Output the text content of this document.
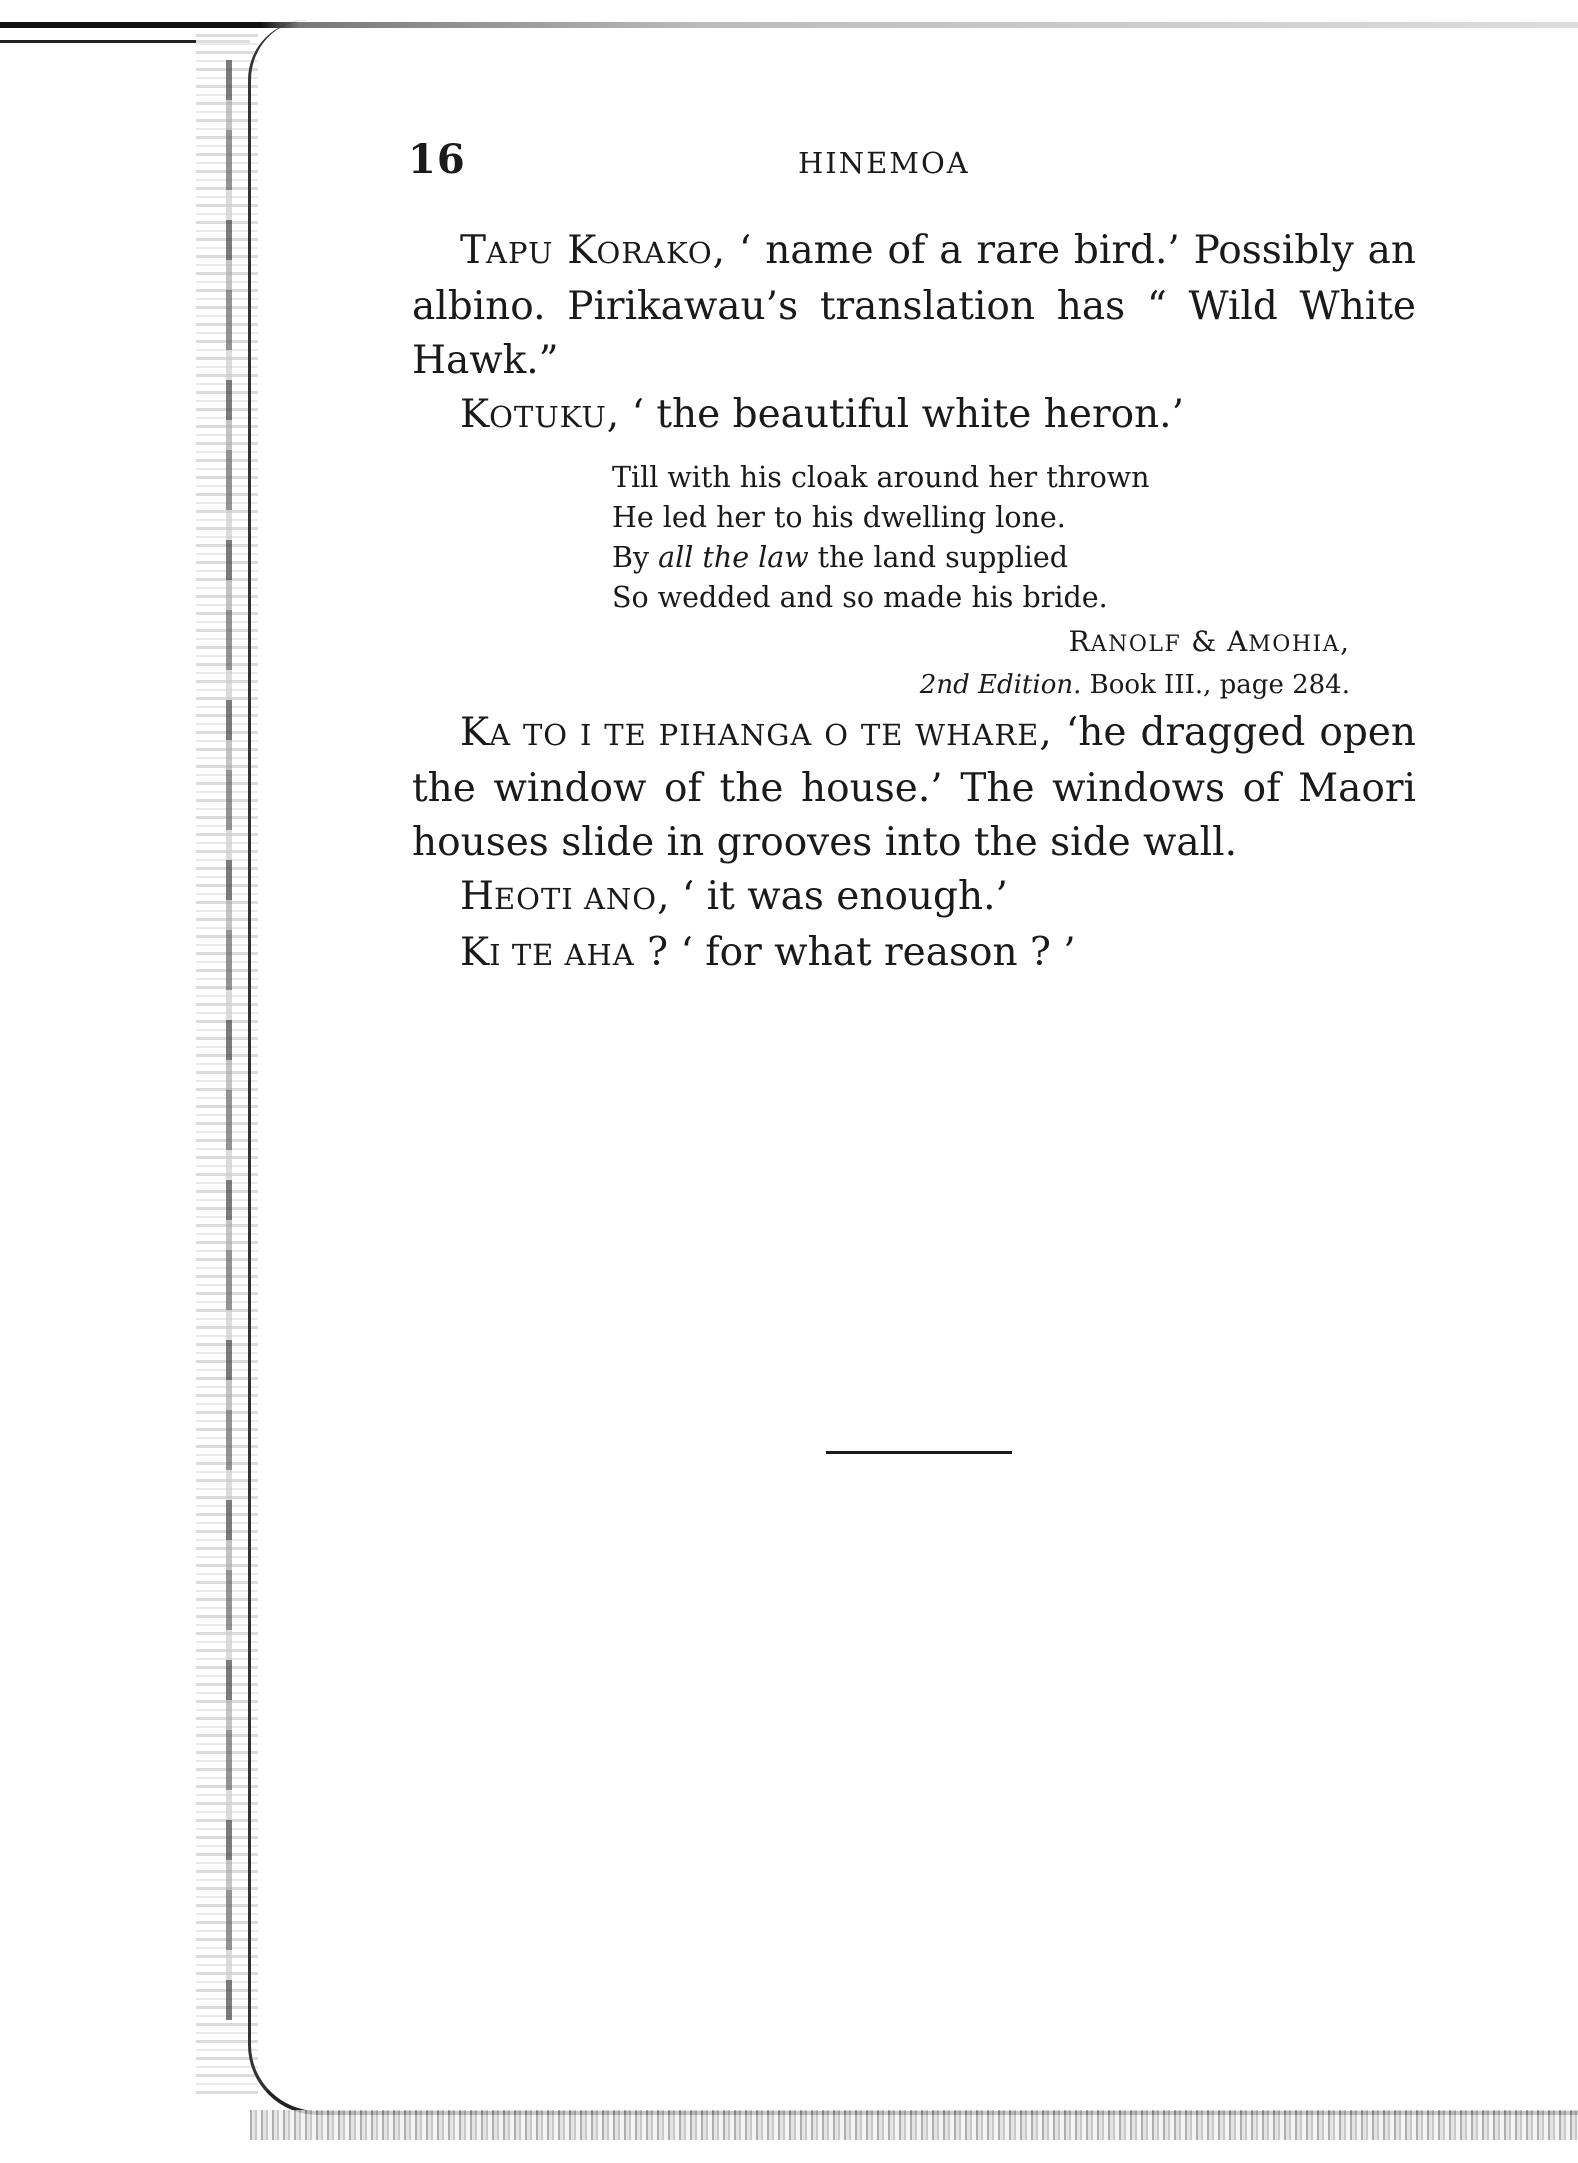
16	HINEMOA

TAPU KORAKO, ‘ name of a rare bird.’ Possibly an albino. Pirikawau’s translation has “ Wild White Hawk.”

KOTUKU, ‘ the beautiful white heron.’

Till with his cloak around her thrown
He led her to his dwelling lone.
By all the law the land supplied
So wedded and so made his bride.
RANOLF & AMOHIA,
2nd Edition. Book III., page 284.

KA TO I TE PIHANGA O TE WHARE, ‘he dragged open the window of the house.’ The windows of Maori houses slide in grooves into the side wall.

HEOTI ANO, ‘ it was enough.’

KI TE AHA ? ‘ for what reason ? ’
